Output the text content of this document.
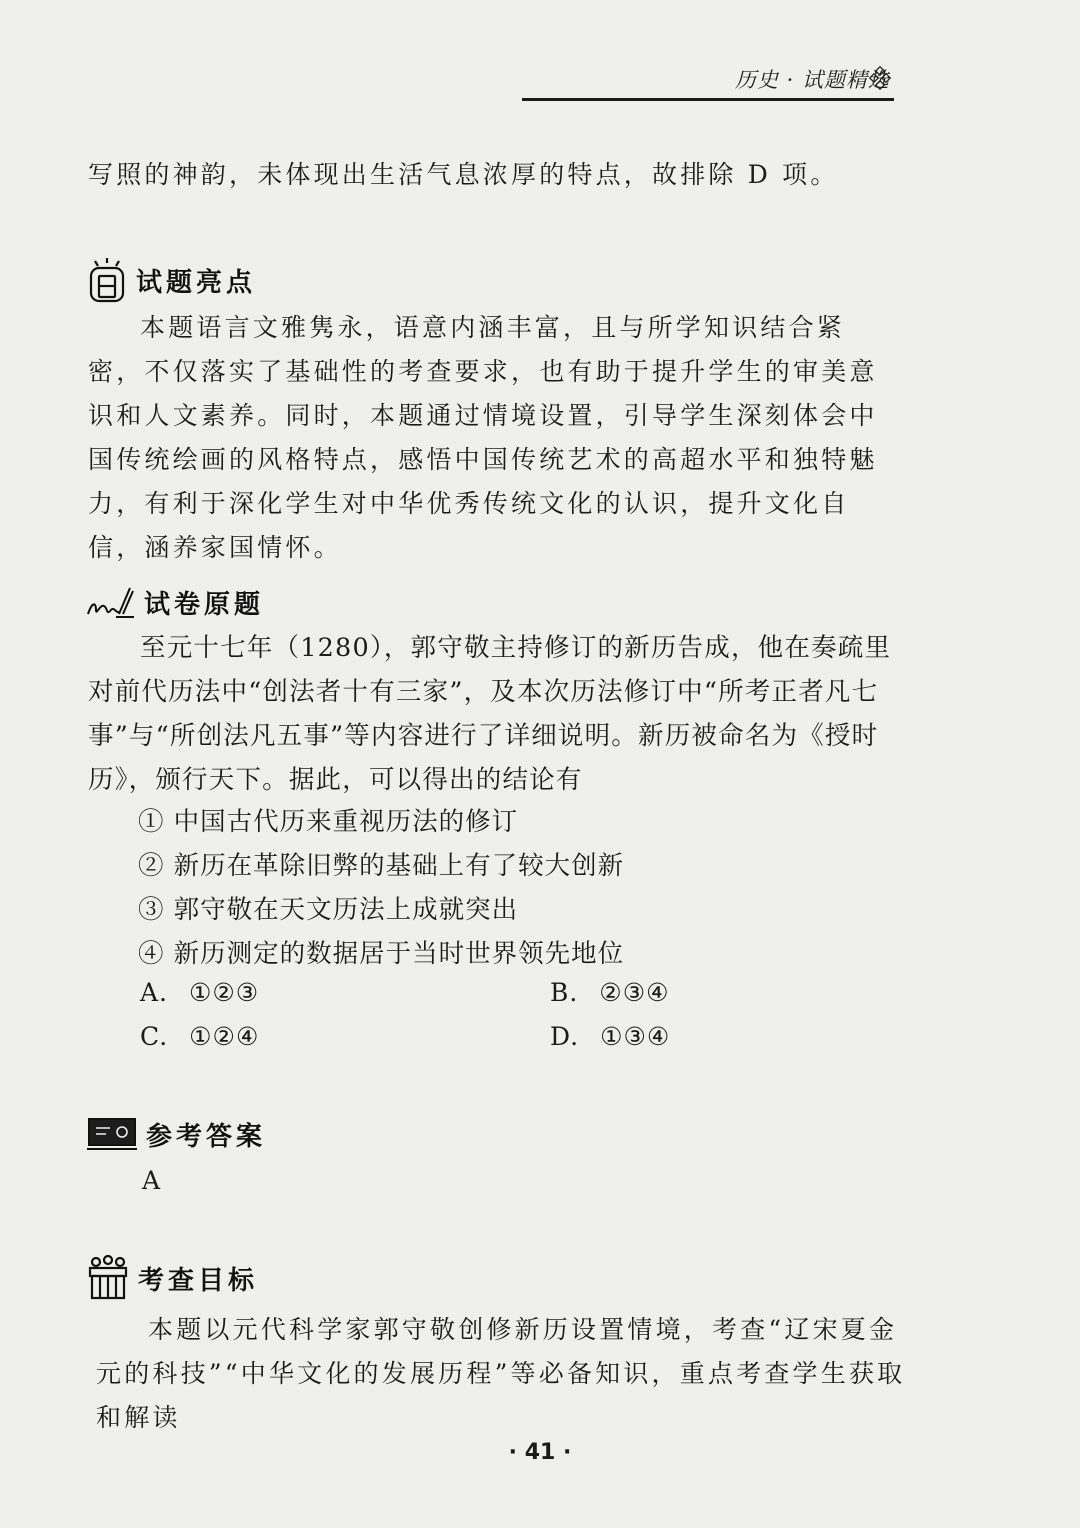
历史 · 试题精选

写照的神韵，未体现出生活气息浓厚的特点，故排除 D 项。

试题亮点

本题语言文雅隽永，语意内涵丰富，且与所学知识结合紧密，不仅落实了基础性的考查要求，也有助于提升学生的审美意识和人文素养。同时，本题通过情境设置，引导学生深刻体会中国传统绘画的风格特点，感悟中国传统艺术的高超水平和独特魅力，有利于深化学生对中华优秀传统文化的认识，提升文化自信，涵养家国情怀。

试卷原题

至元十七年（1280），郭守敬主持修订的新历告成，他在奏疏里对前代历法中“创法者十有三家”，及本次历法修订中“所考正者凡七事”与“所创法凡五事”等内容进行了详细说明。新历被命名为《授时历》，颁行天下。据此，可以得出的结论有

① 中国古代历来重视历法的修订

② 新历在革除旧弊的基础上有了较大创新

③ 郭守敬在天文历法上成就突出

④ 新历测定的数据居于当时世界领先地位

A. ①②③	B. ②③④
C. ①②④	D. ①③④
参考答案
A
考查目标

本题以元代科学家郭守敬创修新历设置情境，考查“辽宋夏金元的科技”“中华文化的发展历程”等必备知识，重点考查学生获取和解读

· 41 ·
